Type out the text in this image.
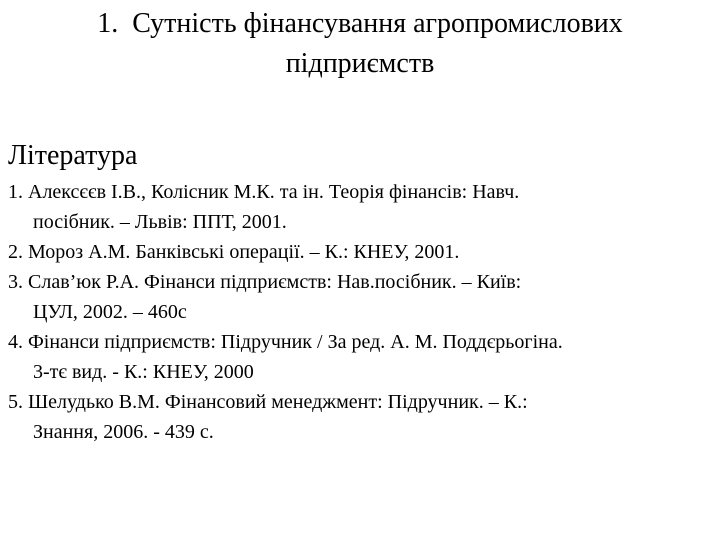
1. Сутність фінансування агропромислових
підприємств
Література
1. Алексєєв І.В., Колісник М.К. та ін. Теорія фінансів: Навч.
посібник. – Львів: ППТ, 2001.
2. Мороз А.М. Банківські операції. – К.: КНЕУ, 2001.
3. Слав’юк Р.А. Фінанси підприємств: Нав.посібник. – Київ:
ЦУЛ, 2002. – 460с
4. Фінанси підприємств: Підручник / За ред. А. М. Поддєрьогіна.
3-тє вид. - К.: КНЕУ, 2000
5. Шелудько В.М. Фінансовий менеджмент: Підручник. – К.:
Знання, 2006. - 439 с.
